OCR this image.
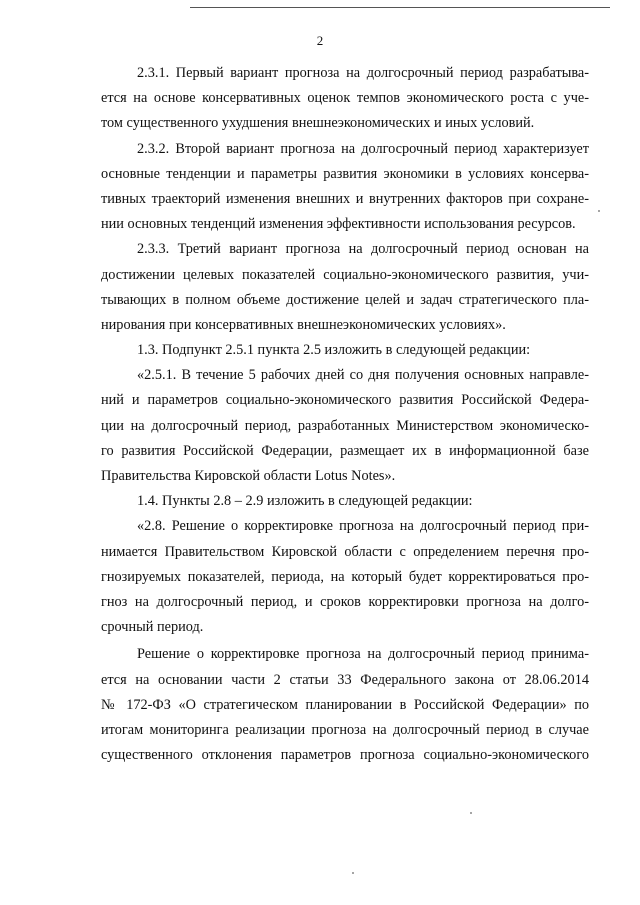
2
2.3.1. Первый вариант прогноза на долгосрочный период разрабатыва-
ется на основе консервативных оценок темпов экономического роста с уче-
том существенного ухудшения внешнеэкономических и иных условий.
2.3.2. Второй вариант прогноза на долгосрочный период характеризует
основные тенденции и параметры развития экономики в условиях консерва-
тивных траекторий изменения внешних и внутренних факторов при сохране-
нии основных тенденций изменения эффективности использования ресурсов.
2.3.3. Третий вариант прогноза на долгосрочный период основан на
достижении целевых показателей социально-экономического развития, учи-
тывающих в полном объеме достижение целей и задач стратегического пла-
нирования при консервативных внешнеэкономических условиях».
1.3. Подпункт 2.5.1 пункта 2.5 изложить в следующей редакции:
«2.5.1. В течение 5 рабочих дней со дня получения основных направле-
ний и параметров социально-экономического развития Российской Федера-
ции на долгосрочный период, разработанных Министерством экономическо-
го развития Российской Федерации, размещает их в информационной базе
Правительства Кировской области Lotus Notes».
1.4. Пункты 2.8 – 2.9 изложить в следующей редакции:
«2.8. Решение о корректировке прогноза на долгосрочный период при-
нимается Правительством Кировской области с определением перечня про-
гнозируемых показателей, периода, на который будет корректироваться про-
гноз на долгосрочный период, и сроков корректировки прогноза на долго-
срочный период.
Решение о корректировке прогноза на долгосрочный период принима-
ется на основании части 2 статьи 33 Федерального закона от 28.06.2014
№ 172-ФЗ «О стратегическом планировании в Российской Федерации» по
итогам мониторинга реализации прогноза на долгосрочный период в случае
существенного отклонения параметров прогноза социально-экономического
